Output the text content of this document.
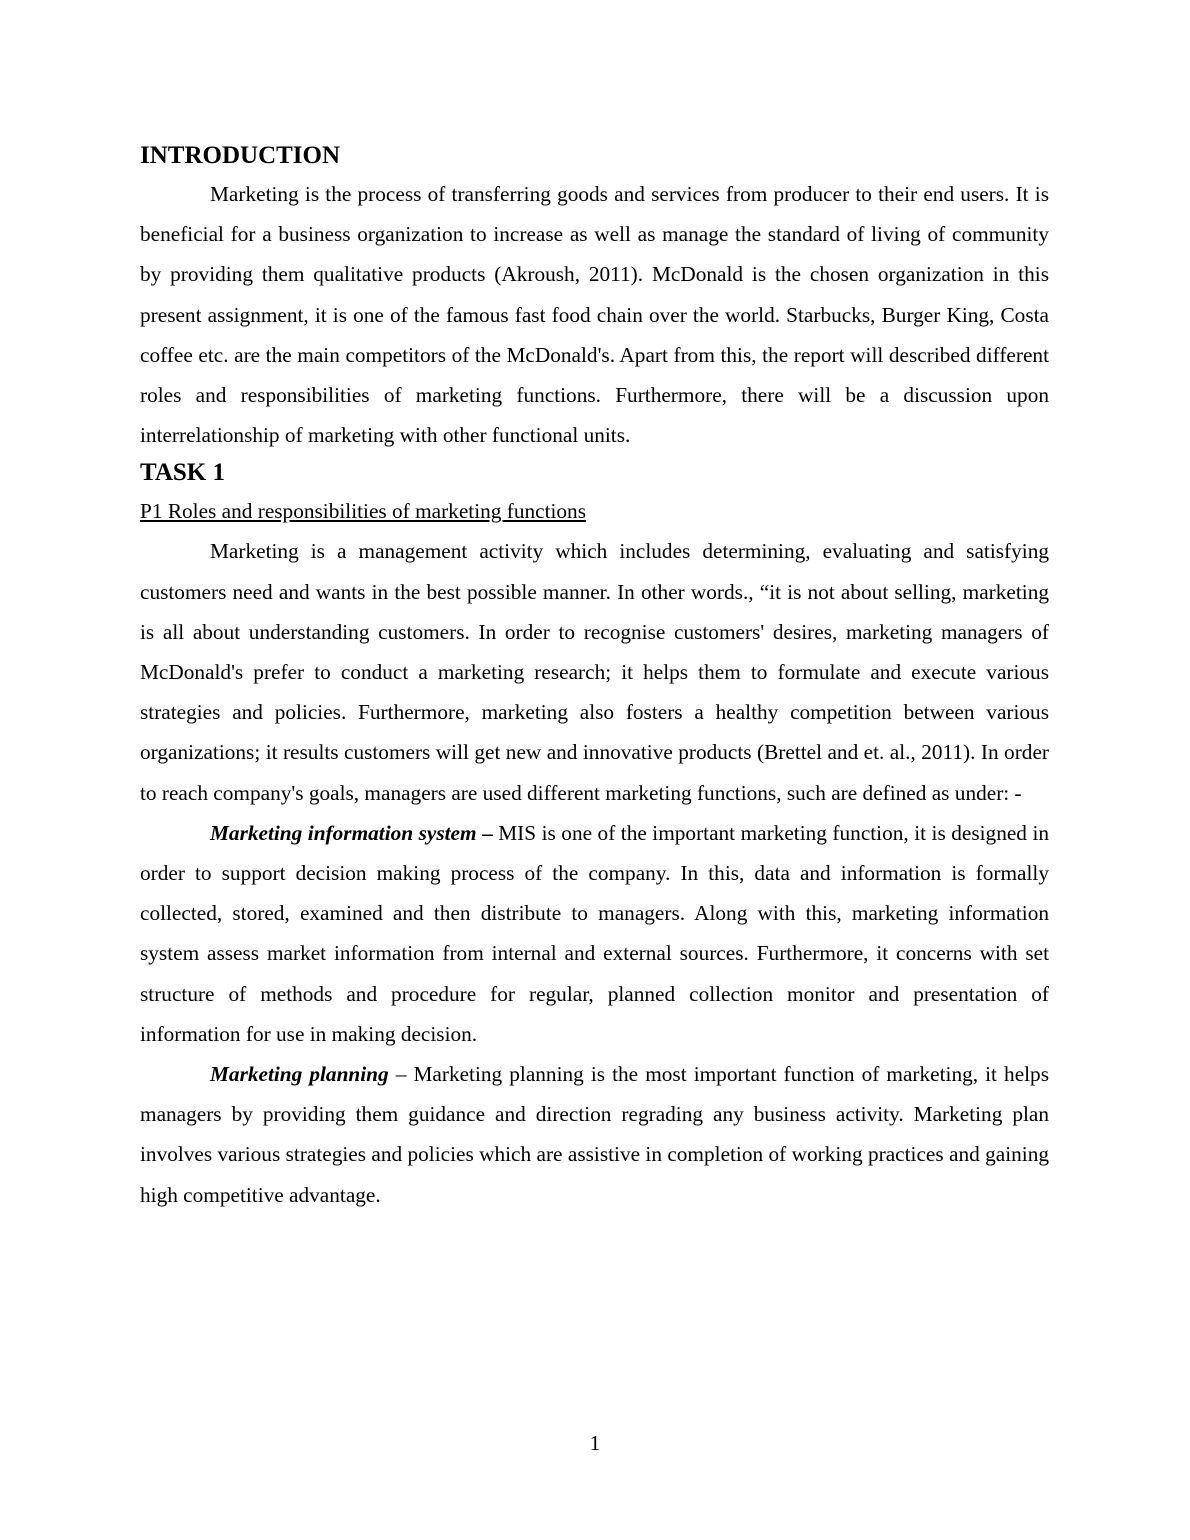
INTRODUCTION

Marketing is the process of transferring goods and services from producer to their end users. It is beneficial for a business organization to increase as well as manage the standard of living of community by providing them qualitative products (Akroush, 2011). McDonald is the chosen organization in this present assignment, it is one of the famous fast food chain over the world. Starbucks, Burger King, Costa coffee etc. are the main competitors of the McDonald's. Apart from this, the report will described different roles and responsibilities of marketing functions. Furthermore, there will be a discussion upon interrelationship of marketing with other functional units.

TASK 1

P1 Roles and responsibilities of marketing functions

Marketing is a management activity which includes determining, evaluating and satisfying customers need and wants in the best possible manner. In other words., “it is not about selling, marketing is all about understanding customers. In order to recognise customers' desires, marketing managers of McDonald's prefer to conduct a marketing research; it helps them to formulate and execute various strategies and policies. Furthermore, marketing also fosters a healthy competition between various organizations; it results customers will get new and innovative products (Brettel and et. al., 2011). In order to reach company's goals, managers are used different marketing functions, such are defined as under: -

Marketing information system – MIS is one of the important marketing function, it is designed in order to support decision making process of the company. In this, data and information is formally collected, stored, examined and then distribute to managers. Along with this, marketing information system assess market information from internal and external sources. Furthermore, it concerns with set structure of methods and procedure for regular, planned collection monitor and presentation of information for use in making decision.

Marketing planning – Marketing planning is the most important function of marketing, it helps managers by providing them guidance and direction regrading any business activity. Marketing plan involves various strategies and policies which are assistive in completion of working practices and gaining high competitive advantage.

1
